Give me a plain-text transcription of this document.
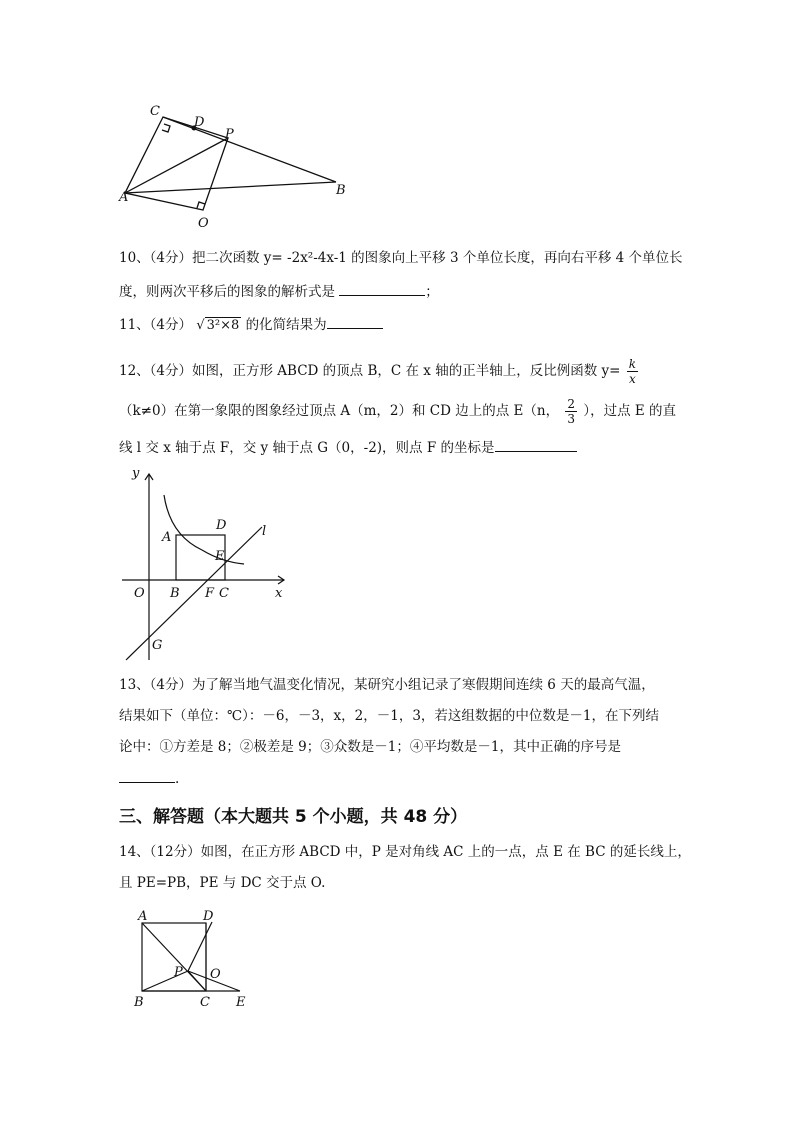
C
D
P
A	B
O
10、（4分）把二次函数 y= -2x²-4x-1 的图象向上平移 3 个单位长度，再向右平移 4 个单位长
度，则两次平移后的图象的解析式是	；
11、（4分） √ 3²×8 的化简结果为
12、（4分）如图，正方形 ABCD 的顶点 B，C 在 x 轴的正半轴上，反比例函数 $y= \frac{k}{x}$
（k≠0）在第一象限的图象经过顶点 A（m，2）和 CD 边上的点 E（n， $\frac{2}{3}$ ），过点 E 的直
线 l 交 x 轴于点 F，交 y 轴于点 G（0，-2)，则点 F 的坐标是
y
x
D	l
A
E
O B F C
G
13、（4分）为了解当地气温变化情况，某研究小组记录了寒假期间连续 6 天的最高气温，
结果如下（单位：℃）：－6，－3，x，2，－1，3，若这组数据的中位数是－1，在下列结
论中：①方差是 8；②极差是 9；③众数是－1；④平均数是－1，其中正确的序号是
.
三、解答题（本大题共 5 个小题，共 48 分）
14、（12分）如图，在正方形 ABCD 中，P 是对角线 AC 上的一点，点 E 在 BC 的延长线上，
且 PE=PB，PE 与 DC 交于点 O.
A	D
P O
B	C E
